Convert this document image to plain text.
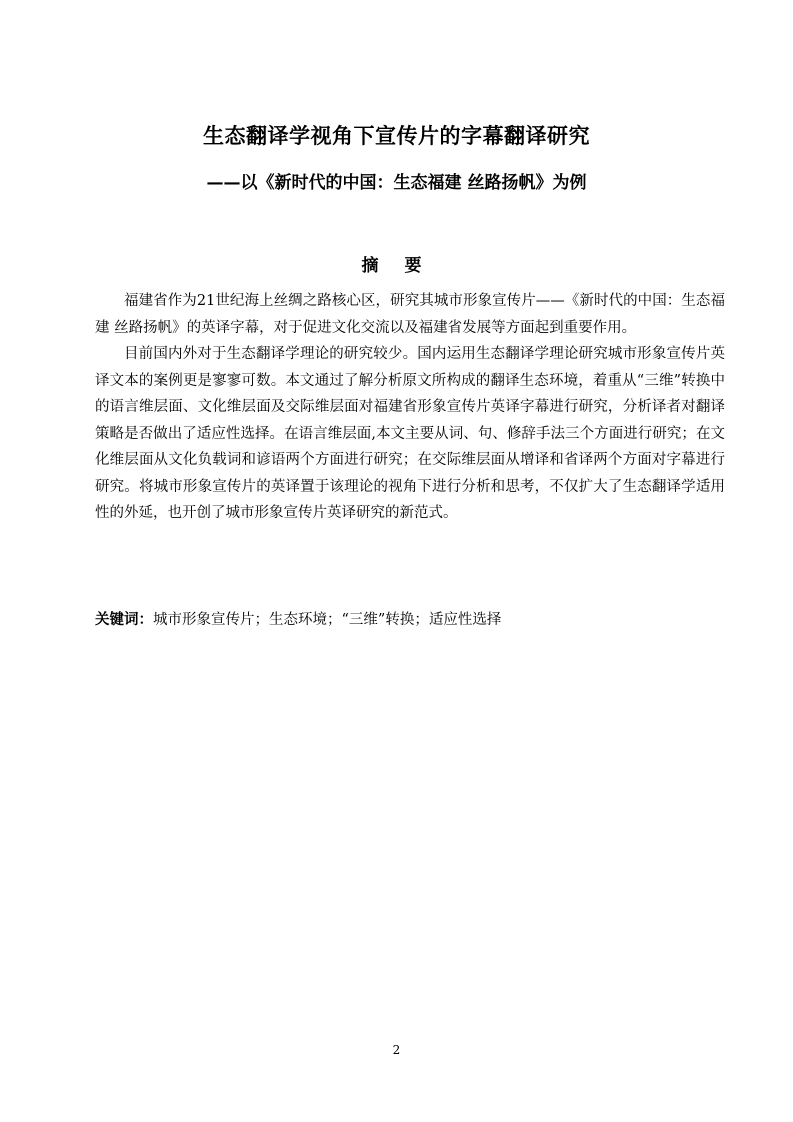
生态翻译学视角下宣传片的字幕翻译研究
——以《新时代的中国：生态福建 丝路扬帆》为例
摘 要

福建省作为21世纪海上丝绸之路核心区，研究其城市形象宣传片——《新时代的中国：生态福建 丝路扬帆》的英译字幕，对于促进文化交流以及福建省发展等方面起到重要作用。

目前国内外对于生态翻译学理论的研究较少。国内运用生态翻译学理论研究城市形象宣传片英译文本的案例更是寥寥可数。本文通过了解分析原文所构成的翻译生态环境，着重从“三维”转换中的语言维层面、文化维层面及交际维层面对福建省形象宣传片英译字幕进行研究，分析译者对翻译策略是否做出了适应性选择。在语言维层面,本文主要从词、句、修辞手法三个方面进行研究；在文化维层面从文化负载词和谚语两个方面进行研究；在交际维层面从增译和省译两个方面对字幕进行研究。将城市形象宣传片的英译置于该理论的视角下进行分析和思考，不仅扩大了生态翻译学适用性的外延，也开创了城市形象宣传片英译研究的新范式。

关键词：城市形象宣传片；生态环境；“三维”转换；适应性选择
2
